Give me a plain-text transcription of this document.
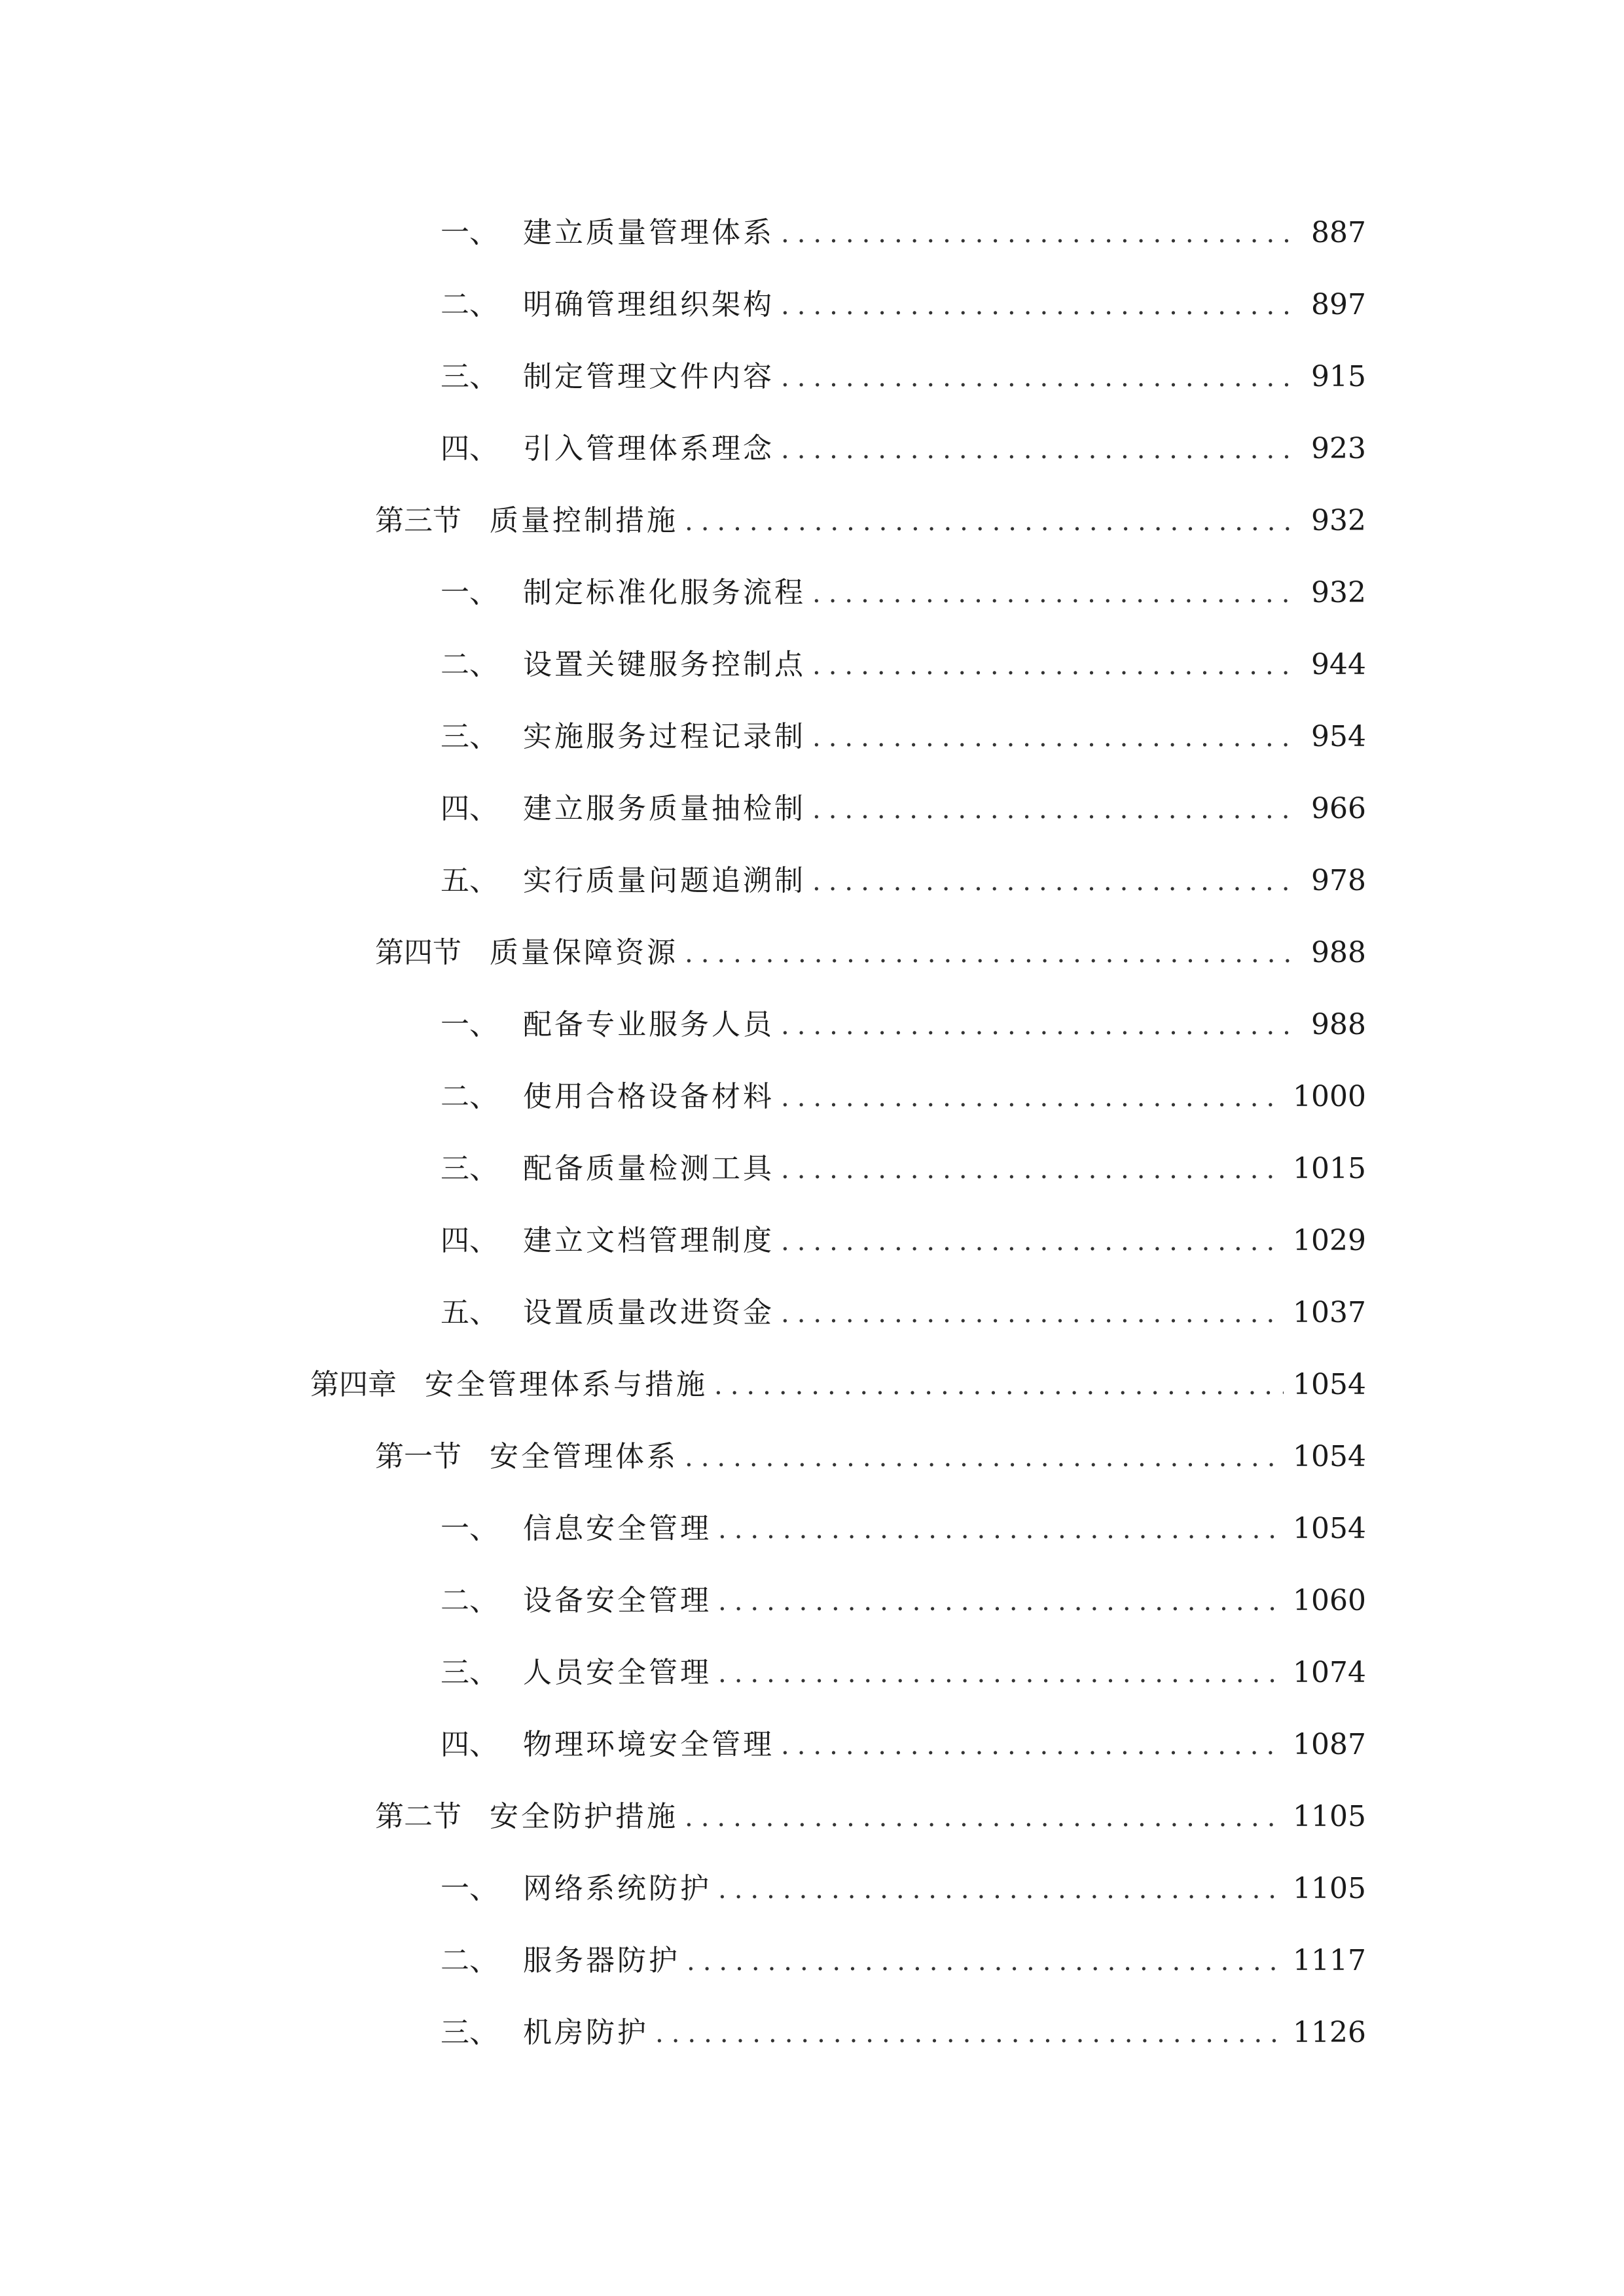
一、 建立质量管理体系 .....	887
二、 明确管理组织架构 .....	897
三、 制定管理文件内容 .....	915
四、 引入管理体系理念 .....	923
第三节 质量控制措施 .....	932
一、 制定标准化服务流程 .....	932
二、 设置关键服务控制点 .....	944
三、 实施服务过程记录制 .....	954
四、 建立服务质量抽检制 .....	966
五、 实行质量问题追溯制 .....	978
第四节 质量保障资源 .....	988
一、 配备专业服务人员 .....	988
二、 使用合格设备材料 .....	1000
三、 配备质量检测工具 .....	1015
四、 建立文档管理制度 .....	1029
五、 设置质量改进资金 .....	1037
第四章 安全管理体系与措施 .....	1054
第一节 安全管理体系 .....	1054
一、 信息安全管理 .....	1054
二、 设备安全管理 .....	1060
三、 人员安全管理 .....	1074
四、 物理环境安全管理 .....	1087
第二节 安全防护措施 .....	1105
一、 网络系统防护 .....	1105
二、 服务器防护 .....	1117
三、 机房防护 .....	1126
